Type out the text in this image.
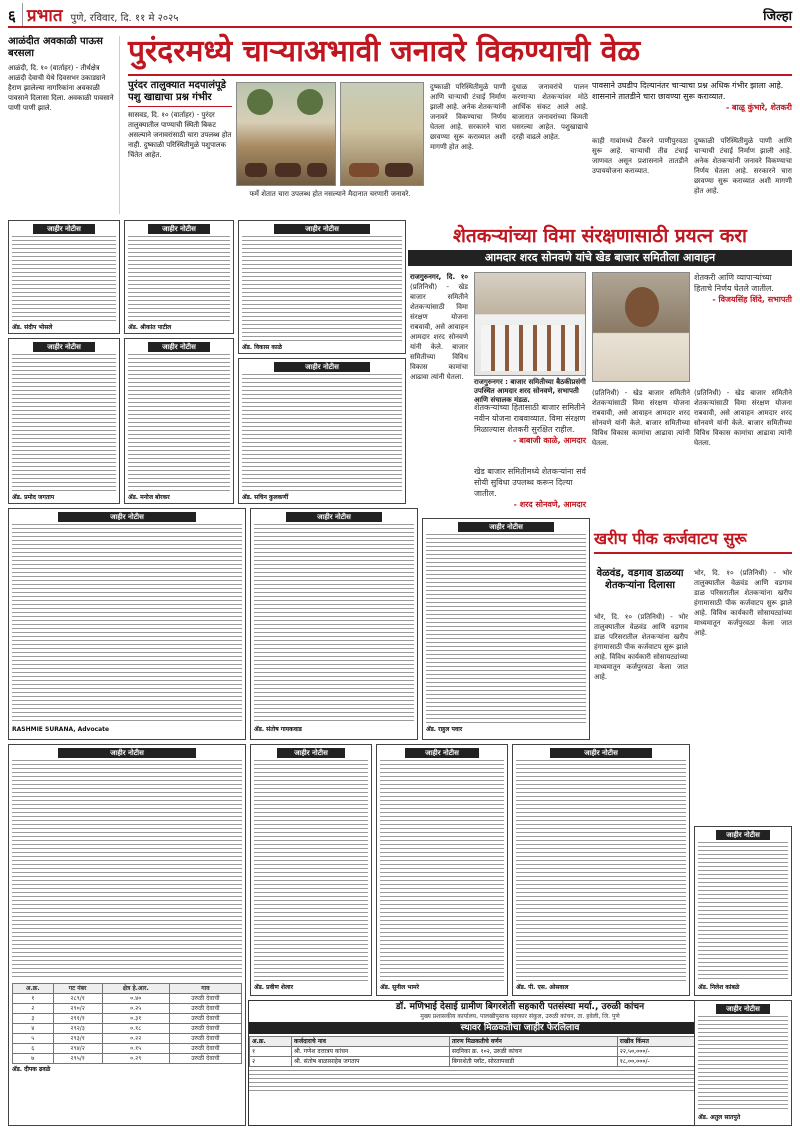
६ प्रभात पुणे, रविवार, दि. ११ मे २०२५	जिल्हा
आळंदीत अवकाळी पाऊस बरसला
आळंदी, दि. १० (वार्ताहर) - तीर्थक्षेत्र आळंदी देवाची येथे दिवसभर उकाड्याने हैराण झालेल्या नागरिकांना अवकाळी पावसाने दिलासा दिला. अवकाळी पावसाने पाणी पाणी झाले.
पुरंदरमध्ये चाऱ्याअभावी जनावरे विकण्याची वेळ
पुरंदर तालुक्यात मदपालंपूडे पशु खाद्याचा प्रश्न गंभीर
सासवड, दि. १० (वार्ताहर) - पुरंदर तालुक्यातील पाण्याची स्थिती बिकट असल्याने जनावरांसाठी चारा उपलब्ध होत नाही. दुष्काळी परिस्थितीमुळे पशुपालक चिंतेत आहेत.
फर्मे शेतात चारा उपलब्ध होत नसल्याने मैदानात चरणारी जनावरे.
दुष्काळी परिस्थितीमुळे पाणी आणि चाऱ्याची टंचाई निर्माण झाली आहे. अनेक शेतकऱ्यांनी जनावरे विकण्याचा निर्णय घेतला आहे. सरकारने चारा छावण्या सुरू कराव्यात अशी मागणी होत आहे.
दुधाळ जनावरांचे पालन करणाऱ्या शेतकऱ्यांवर मोठे आर्थिक संकट आले आहे. बाजारात जनावरांच्या किमती घसरल्या आहेत. पशुखाद्याचे दरही वाढले आहेत.
पावसाने उघडीप दिल्यानंतर चाऱ्याचा प्रश्न अधिक गंभीर झाला आहे. शासनाने तातडीने चारा छावण्या सुरू कराव्यात.
- बाळू कुंभारे, शेतकरी
काही गावांमध्ये टँकरने पाणीपुरवठा सुरू आहे. चाऱ्याची तीव्र टंचाई जाणवत असून प्रशासनाने तातडीने उपाययोजना कराव्यात.
दुष्काळी परिस्थितीमुळे पाणी आणि चाऱ्याची टंचाई निर्माण झाली आहे. अनेक शेतकऱ्यांनी जनावरे विकण्याचा निर्णय घेतला आहे. सरकारने चारा छावण्या सुरू कराव्यात अशी मागणी होत आहे.
जाहीर नोटीस
ॲड. संदीप भोसले
जाहीर नोटीस
ॲड. श्रीकांत पाटील
जाहीर नोटीस
ॲड. विकास काळे
जाहीर नोटीस
ॲड. प्रमोद जगताप
जाहीर नोटीस
ॲड. मनोज बोरकर
जाहीर नोटीस
ॲड. सचिन कुलकर्णी
शेतकऱ्यांच्या विमा संरक्षणासाठी प्रयत्न करा
आमदार शरद सोनवणे यांचे खेड बाजार समितीला आवाहन
राजगुरुनगर, दि. १० (प्रतिनिधी) - खेड बाजार समितीने शेतकऱ्यांसाठी विमा संरक्षण योजना राबवावी, असे आवाहन आमदार शरद सोनवणे यांनी केले. बाजार समितीच्या विविध विकास कामांचा आढावा त्यांनी घेतला.
राजगुरुनगर : बाजार समितीच्या बैठकीप्रसंगी उपस्थित आमदार शरद सोनवणे, सभापती आणि संचालक मंडळ.
शेतकऱ्यांच्या हितासाठी बाजार समितीने नवीन योजना राबवाव्यात. विमा संरक्षण मिळाल्यास शेतकरी सुरक्षित राहील.
- बाबाजी काळे, आमदार
खेड बाजार समितीमध्ये शेतकऱ्यांना सर्व सोयी सुविधा उपलब्ध करून दिल्या जातील.
- शरद सोनवणे, आमदार
शेतकरी आणि व्यापाऱ्यांच्या हिताचे निर्णय घेतले जातील.
- विजयसिंह शिंदे, सभापती
(प्रतिनिधी) - खेड बाजार समितीने शेतकऱ्यांसाठी विमा संरक्षण योजना राबवावी, असे आवाहन आमदार शरद सोनवणे यांनी केले. बाजार समितीच्या विविध विकास कामांचा आढावा त्यांनी घेतला.
(प्रतिनिधी) - खेड बाजार समितीने शेतकऱ्यांसाठी विमा संरक्षण योजना राबवावी, असे आवाहन आमदार शरद सोनवणे यांनी केले. बाजार समितीच्या विविध विकास कामांचा आढावा त्यांनी घेतला.
जाहीर नोटीस
RASHMIE SURANA, Advocate
जाहीर नोटीस
ॲड. संतोष गायकवाड
जाहीर नोटीस
ॲड. राहुल पवार
खरीप पीक कर्जवाटप सुरू
वेळवंड, वडगाव डाळव्या शेतकऱ्यांना दिलासा
भोर, दि. १० (प्रतिनिधी) - भोर तालुक्यातील वेळवंड आणि वडगाव डाळ परिसरातील शेतकऱ्यांना खरीप हंगामासाठी पीक कर्जवाटप सुरू झाले आहे. विविध कार्यकारी सोसायट्यांच्या माध्यमातून कर्जपुरवठा केला जात आहे.
भोर, दि. १० (प्रतिनिधी) - भोर तालुक्यातील वेळवंड आणि वडगाव डाळ परिसरातील शेतकऱ्यांना खरीप हंगामासाठी पीक कर्जवाटप सुरू झाले आहे. विविध कार्यकारी सोसायट्यांच्या माध्यमातून कर्जपुरवठा केला जात आहे.
जाहीर नोटीस
अ.क्र.	गट नंबर	क्षेत्र हे.आर.	गाव
१	२८९/१	०.४०	उरुळी देवाची
२	२९०/२	०.२५	उरुळी देवाची
३	२९१/१	०.३१	उरुळी देवाची
४	२९२/३	०.१८	उरुळी देवाची
५	२९३/१	०.२२	उरुळी देवाची
६	२९४/२	०.१५	उरुळी देवाची
७	२९५/१	०.२९	उरुळी देवाची
ॲड. दीपक ढवळे
जाहीर नोटीस
ॲड. प्रवीण शेलार
जाहीर नोटीस
ॲड. सुनील भामरे
जाहीर नोटीस
ॲड. पी. एस. ओसवाल
जाहीर नोटीस
ॲड. निलेश कांबळे
डॉ. मणिभाई देसाई ग्रामीण बिगरशेती सहकारी पतसंस्था मर्या., उरुळी कांचन
मुख्य प्रशासकीय कार्यालय, पालखीपुस्तक सहकार संकुल, उरुळी कांचन, ता. हवेली, जि. पुणे
स्थावर मिळकतीचा जाहीर फेरलिलाव
अ.क्र.	कर्जदाराचे नाव	तारण मिळकतीचे वर्णन	राखीव किंमत	
१	श्री. गणेश दत्तात्रय कांचन	सदनिका क्र. १०२, उरुळी कांचन	२२,५०,०००/-	
२	श्री. संतोष बाळासाहेब जगताप	बिगरशेती प्लॉट, सोरतापवाडी	१८,००,०००/-	
जाहीर नोटीस
ॲड. अतुल सातपुते
